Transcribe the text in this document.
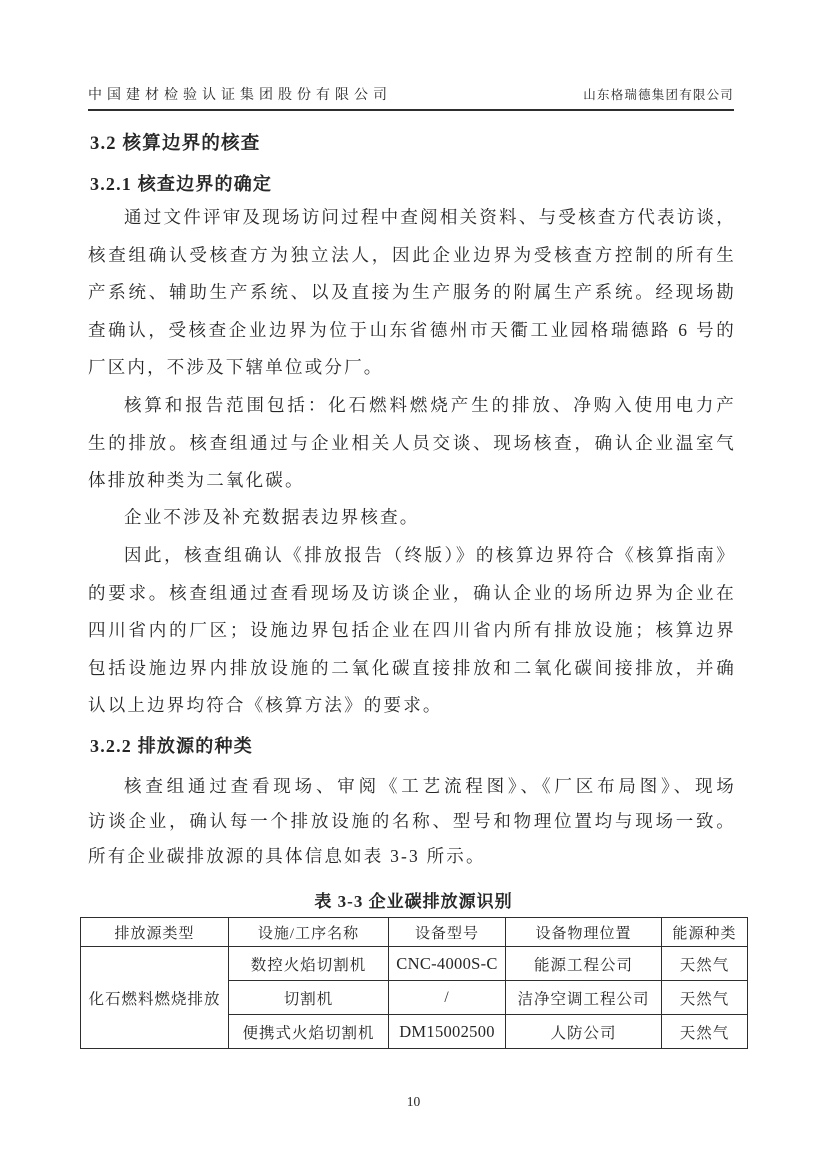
中国建材检验认证集团股份有限公司	山东格瑞德集团有限公司
3.2 核算边界的核查
3.2.1 核查边界的确定
通过文件评审及现场访问过程中查阅相关资料、与受核查方代表访谈，
核查组确认受核查方为独立法人，因此企业边界为受核查方控制的所有生
产系统、辅助生产系统、以及直接为生产服务的附属生产系统。经现场勘
查确认，受核查企业边界为位于山东省德州市天衢工业园格瑞德路 6 号的
厂区内，不涉及下辖单位或分厂。
核算和报告范围包括：化石燃料燃烧产生的排放、净购入使用电力产
生的排放。核查组通过与企业相关人员交谈、现场核查，确认企业温室气
体排放种类为二氧化碳。
企业不涉及补充数据表边界核查。
因此，核查组确认《排放报告（终版）》的核算边界符合《核算指南》
的要求。核查组通过查看现场及访谈企业，确认企业的场所边界为企业在
四川省内的厂区；设施边界包括企业在四川省内所有排放设施；核算边界
包括设施边界内排放设施的二氧化碳直接排放和二氧化碳间接排放，并确
认以上边界均符合《核算方法》的要求。
3.2.2 排放源的种类
核查组通过查看现场、审阅《工艺流程图》、《厂区布局图》、现场
访谈企业，确认每一个排放设施的名称、型号和物理位置均与现场一致。
所有企业碳排放源的具体信息如表 3-3 所示。
表 3-3 企业碳排放源识别
排放源类型	设施/工序名称	设备型号	设备物理位置	能源种类
化石燃料燃烧排放	数控火焰切割机	CNC-4000S-C	能源工程公司	天然气
	切割机	/	洁净空调工程公司	天然气
	便携式火焰切割机	DM15002500	人防公司	天然气
10
